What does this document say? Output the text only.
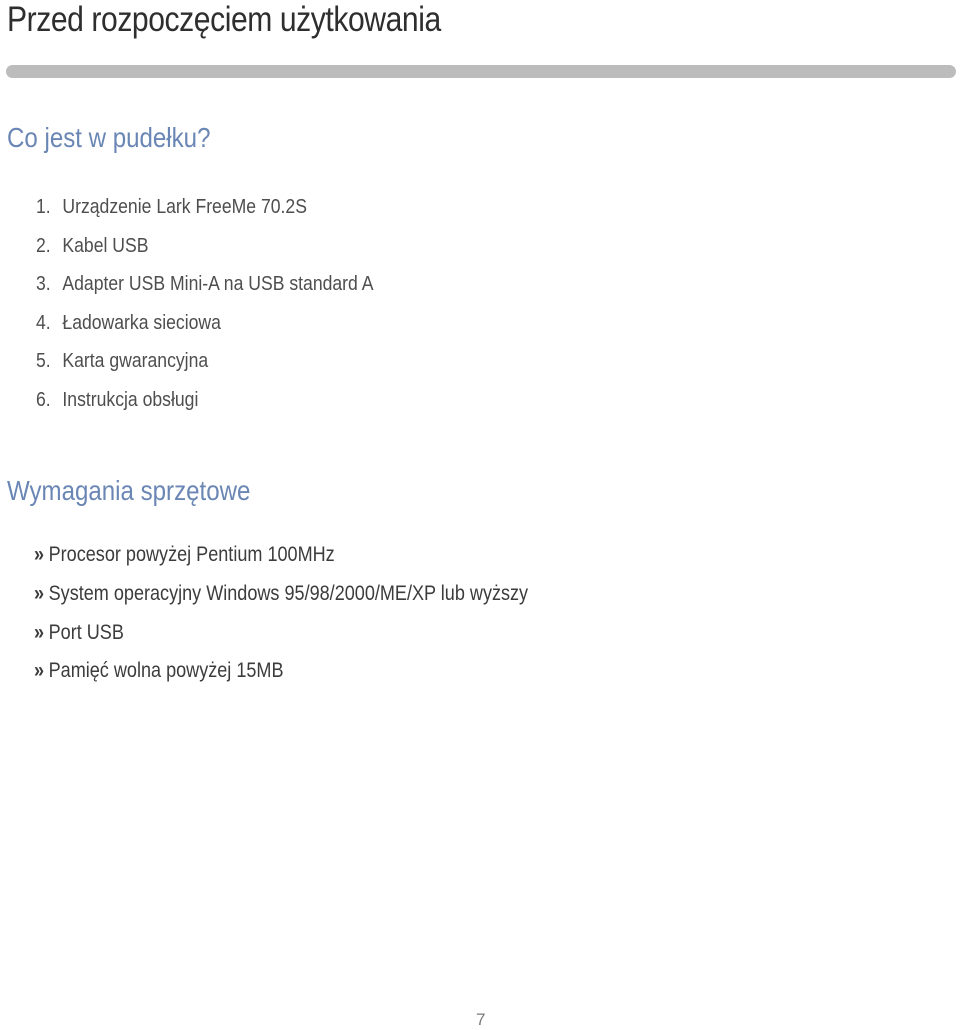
Przed rozpoczęciem użytkowania
Co jest w pudełku?
1. Urządzenie Lark FreeMe 70.2S
2. Kabel USB
3. Adapter USB Mini-A na USB standard A
4. Ładowarka sieciowa
5. Karta gwarancyjna
6. Instrukcja obsługi
Wymagania sprzętowe
» Procesor powyżej Pentium 100MHz
» System operacyjny Windows 95/98/2000/ME/XP lub wyższy
» Port USB
» Pamięć wolna powyżej 15MB
7
